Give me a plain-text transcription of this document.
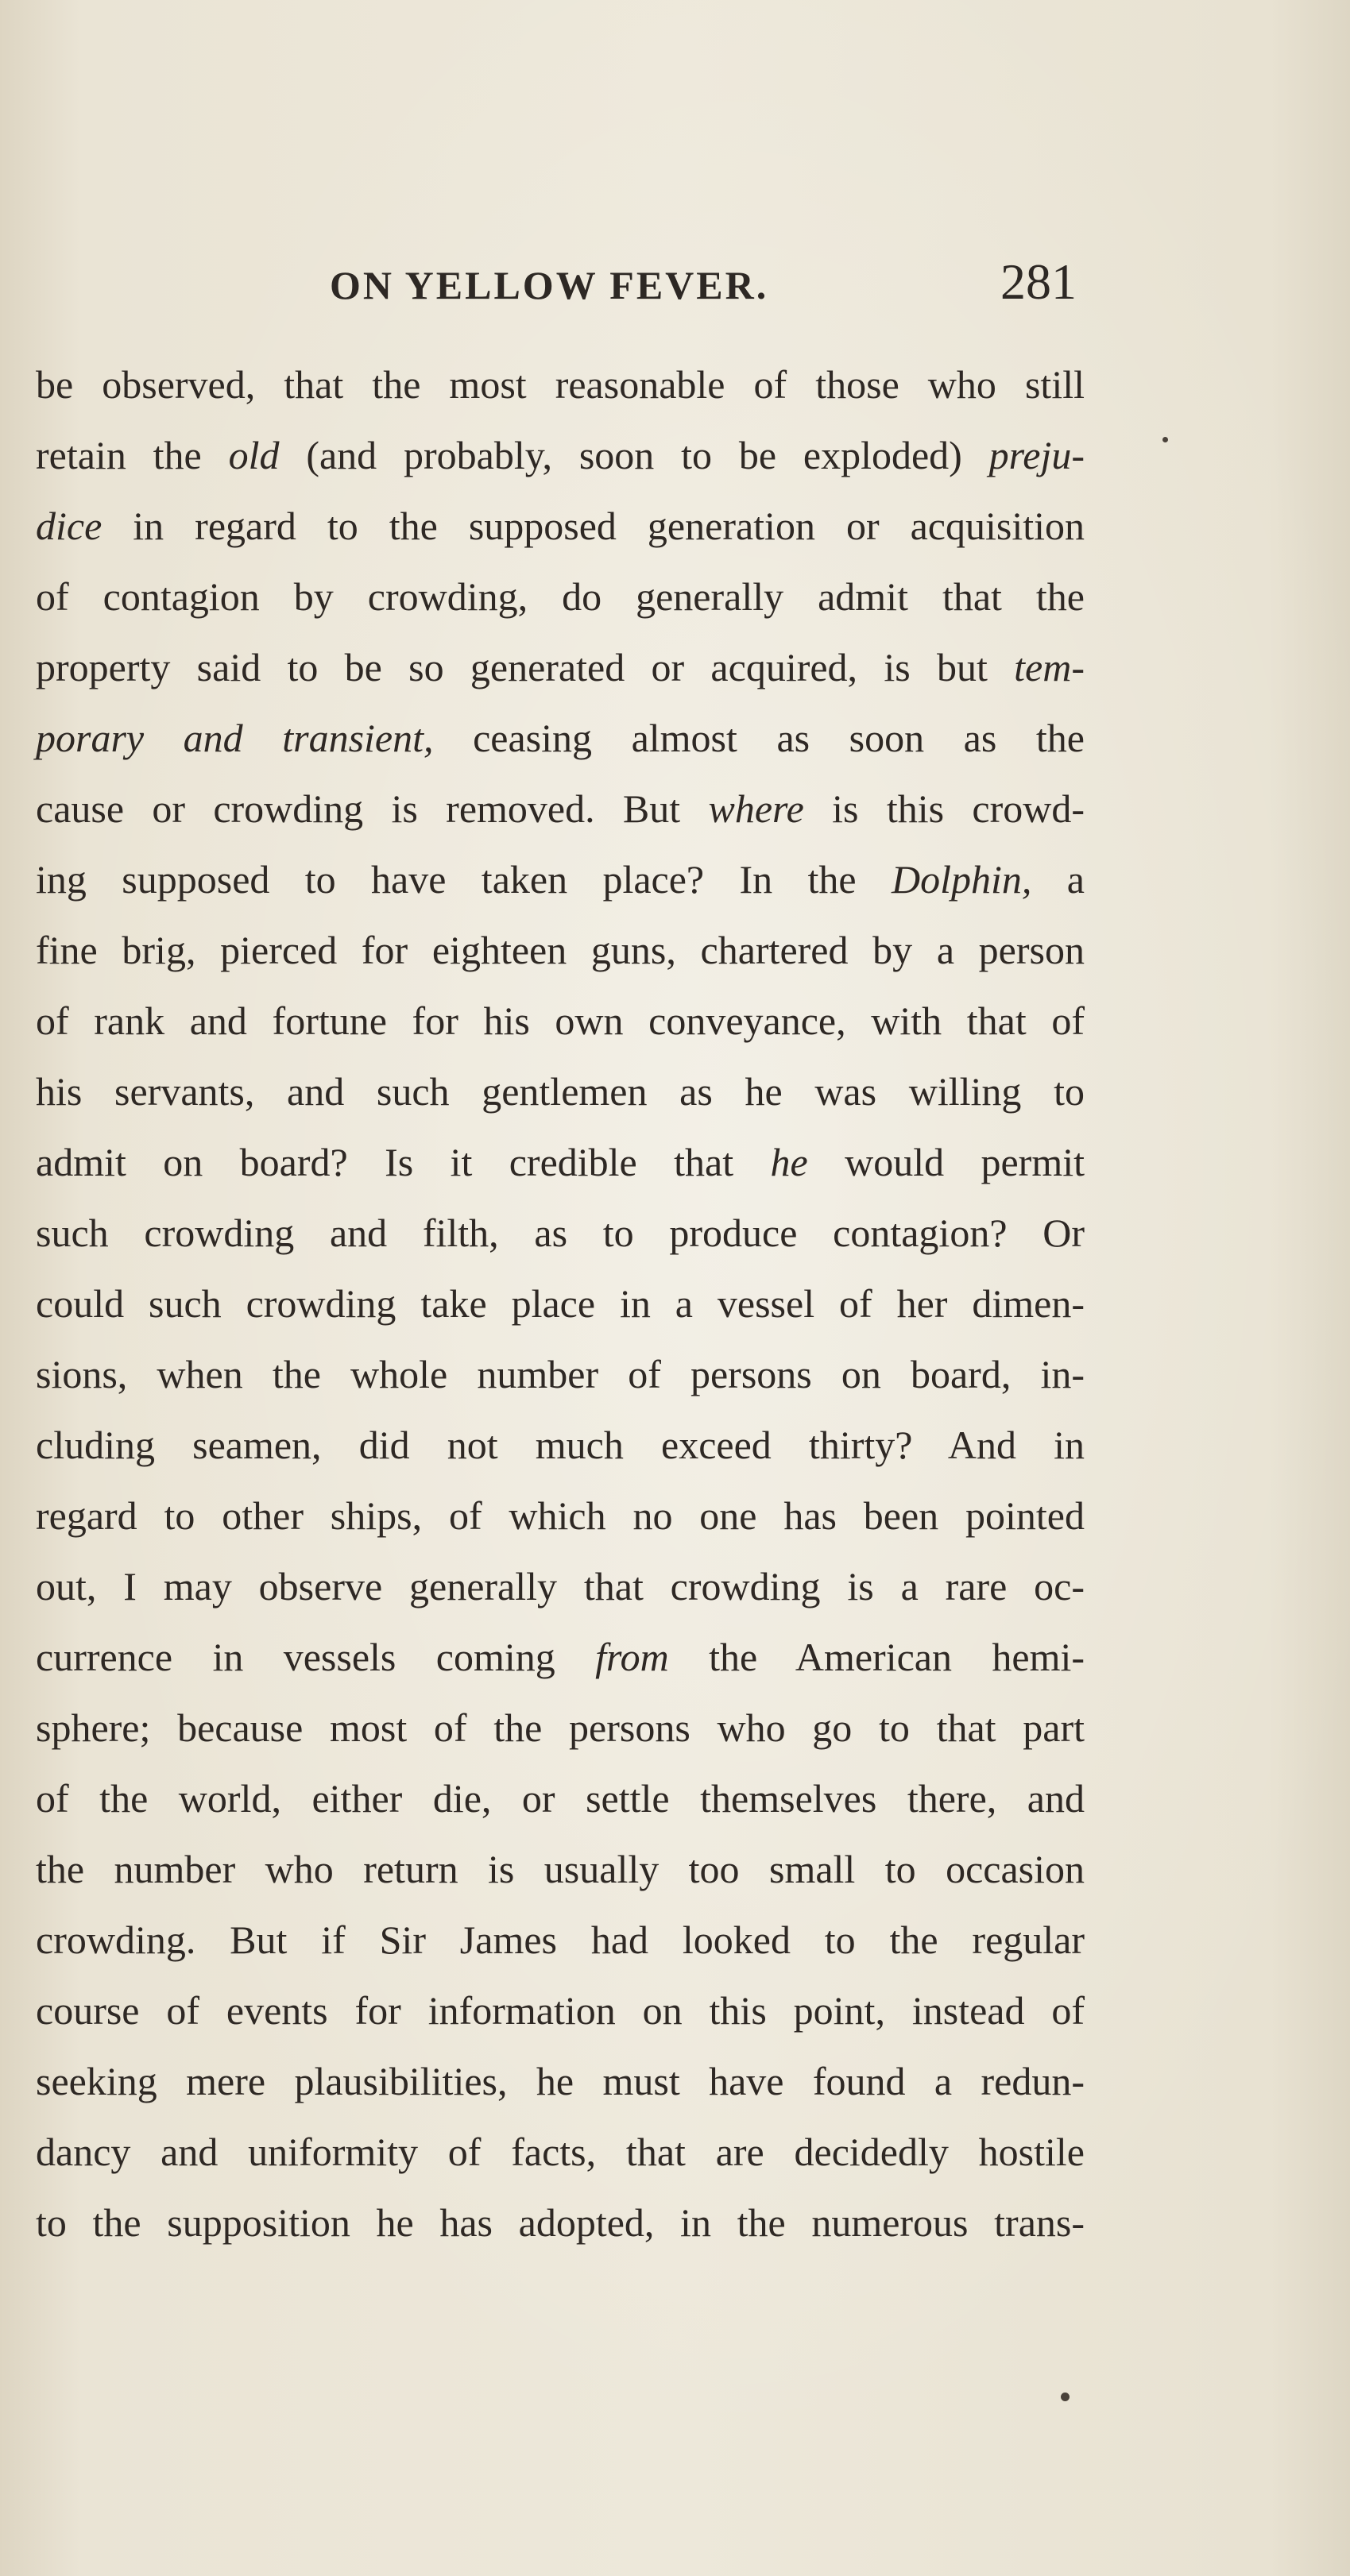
ON YELLOW FEVER.	281
be observed, that the most reasonable of those who still
retain the old (and probably, soon to be exploded) preju-
dice in regard to the supposed generation or acquisition
of contagion by crowding, do generally admit that the
property said to be so generated or acquired, is but tem-
porary and transient, ceasing almost as soon as the
cause or crowding is removed. But where is this crowd-
ing supposed to have taken place? In the Dolphin, a
fine brig, pierced for eighteen guns, chartered by a person
of rank and fortune for his own conveyance, with that of
his servants, and such gentlemen as he was willing to
admit on board? Is it credible that he would permit
such crowding and filth, as to produce contagion? Or
could such crowding take place in a vessel of her dimen-
sions, when the whole number of persons on board, in-
cluding seamen, did not much exceed thirty? And in
regard to other ships, of which no one has been pointed
out, I may observe generally that crowding is a rare oc-
currence in vessels coming from the American hemi-
sphere; because most of the persons who go to that part
of the world, either die, or settle themselves there, and
the number who return is usually too small to occasion
crowding. But if Sir James had looked to the regular
course of events for information on this point, instead of
seeking mere plausibilities, he must have found a redun-
dancy and uniformity of facts, that are decidedly hostile
to the supposition he has adopted, in the numerous trans-
